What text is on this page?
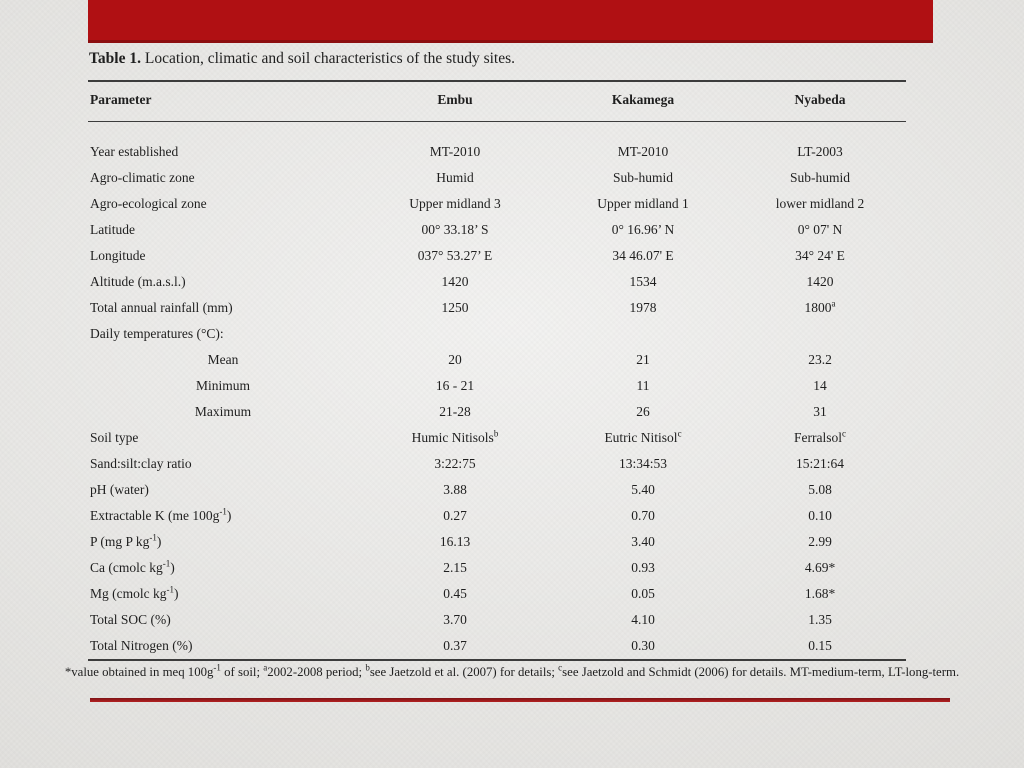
Table 1. Location, climatic and soil characteristics of the study sites.

Parameter	Embu	Kakamega	Nyabeda
Year established	MT-2010	MT-2010	LT-2003
Agro-climatic zone	Humid	Sub-humid	Sub-humid
Agro-ecological zone	Upper midland 3	Upper midland 1	lower midland 2
Latitude	00° 33.18’ S	0° 16.96’ N	0° 07' N
Longitude	037° 53.27’ E	34 46.07' E	34° 24' E
Altitude (m.a.s.l.)	1420	1534	1420
Total annual rainfall (mm)	1250	1978	1800$^a$
Daily temperatures (°C):			
Mean	20	21	23.2
Minimum	16 - 21	11	14
Maximum	21-28	26	31
Soil type	Humic Nitisols$^b$	Eutric Nitisol$^c$	Ferralsol$^c$
Sand:silt:clay ratio	3:22:75	13:34:53	15:21:64
pH (water)	3.88	5.40	5.08
Extractable K (me $100g^{-1}$)	0.27	0.70	0.10
P (mg P $kg^{-1}$)	16.13	3.40	2.99
Ca (cmolc $kg^{-1}$)	2.15	0.93	4.69*
Mg (cmolc $kg^{-1}$)	0.45	0.05	1.68*
Total SOC (%)	3.70	4.10	1.35
Total Nitrogen (%)	0.37	0.30	0.15

*value obtained in meq $100g^{-1}$ of soil; $^a$2002-2008 period; $^b$see Jaetzold et al. (2007) for details; $^c$see Jaetzold and Schmidt (2006) for details. MT-medium-term, LT-long-term.
